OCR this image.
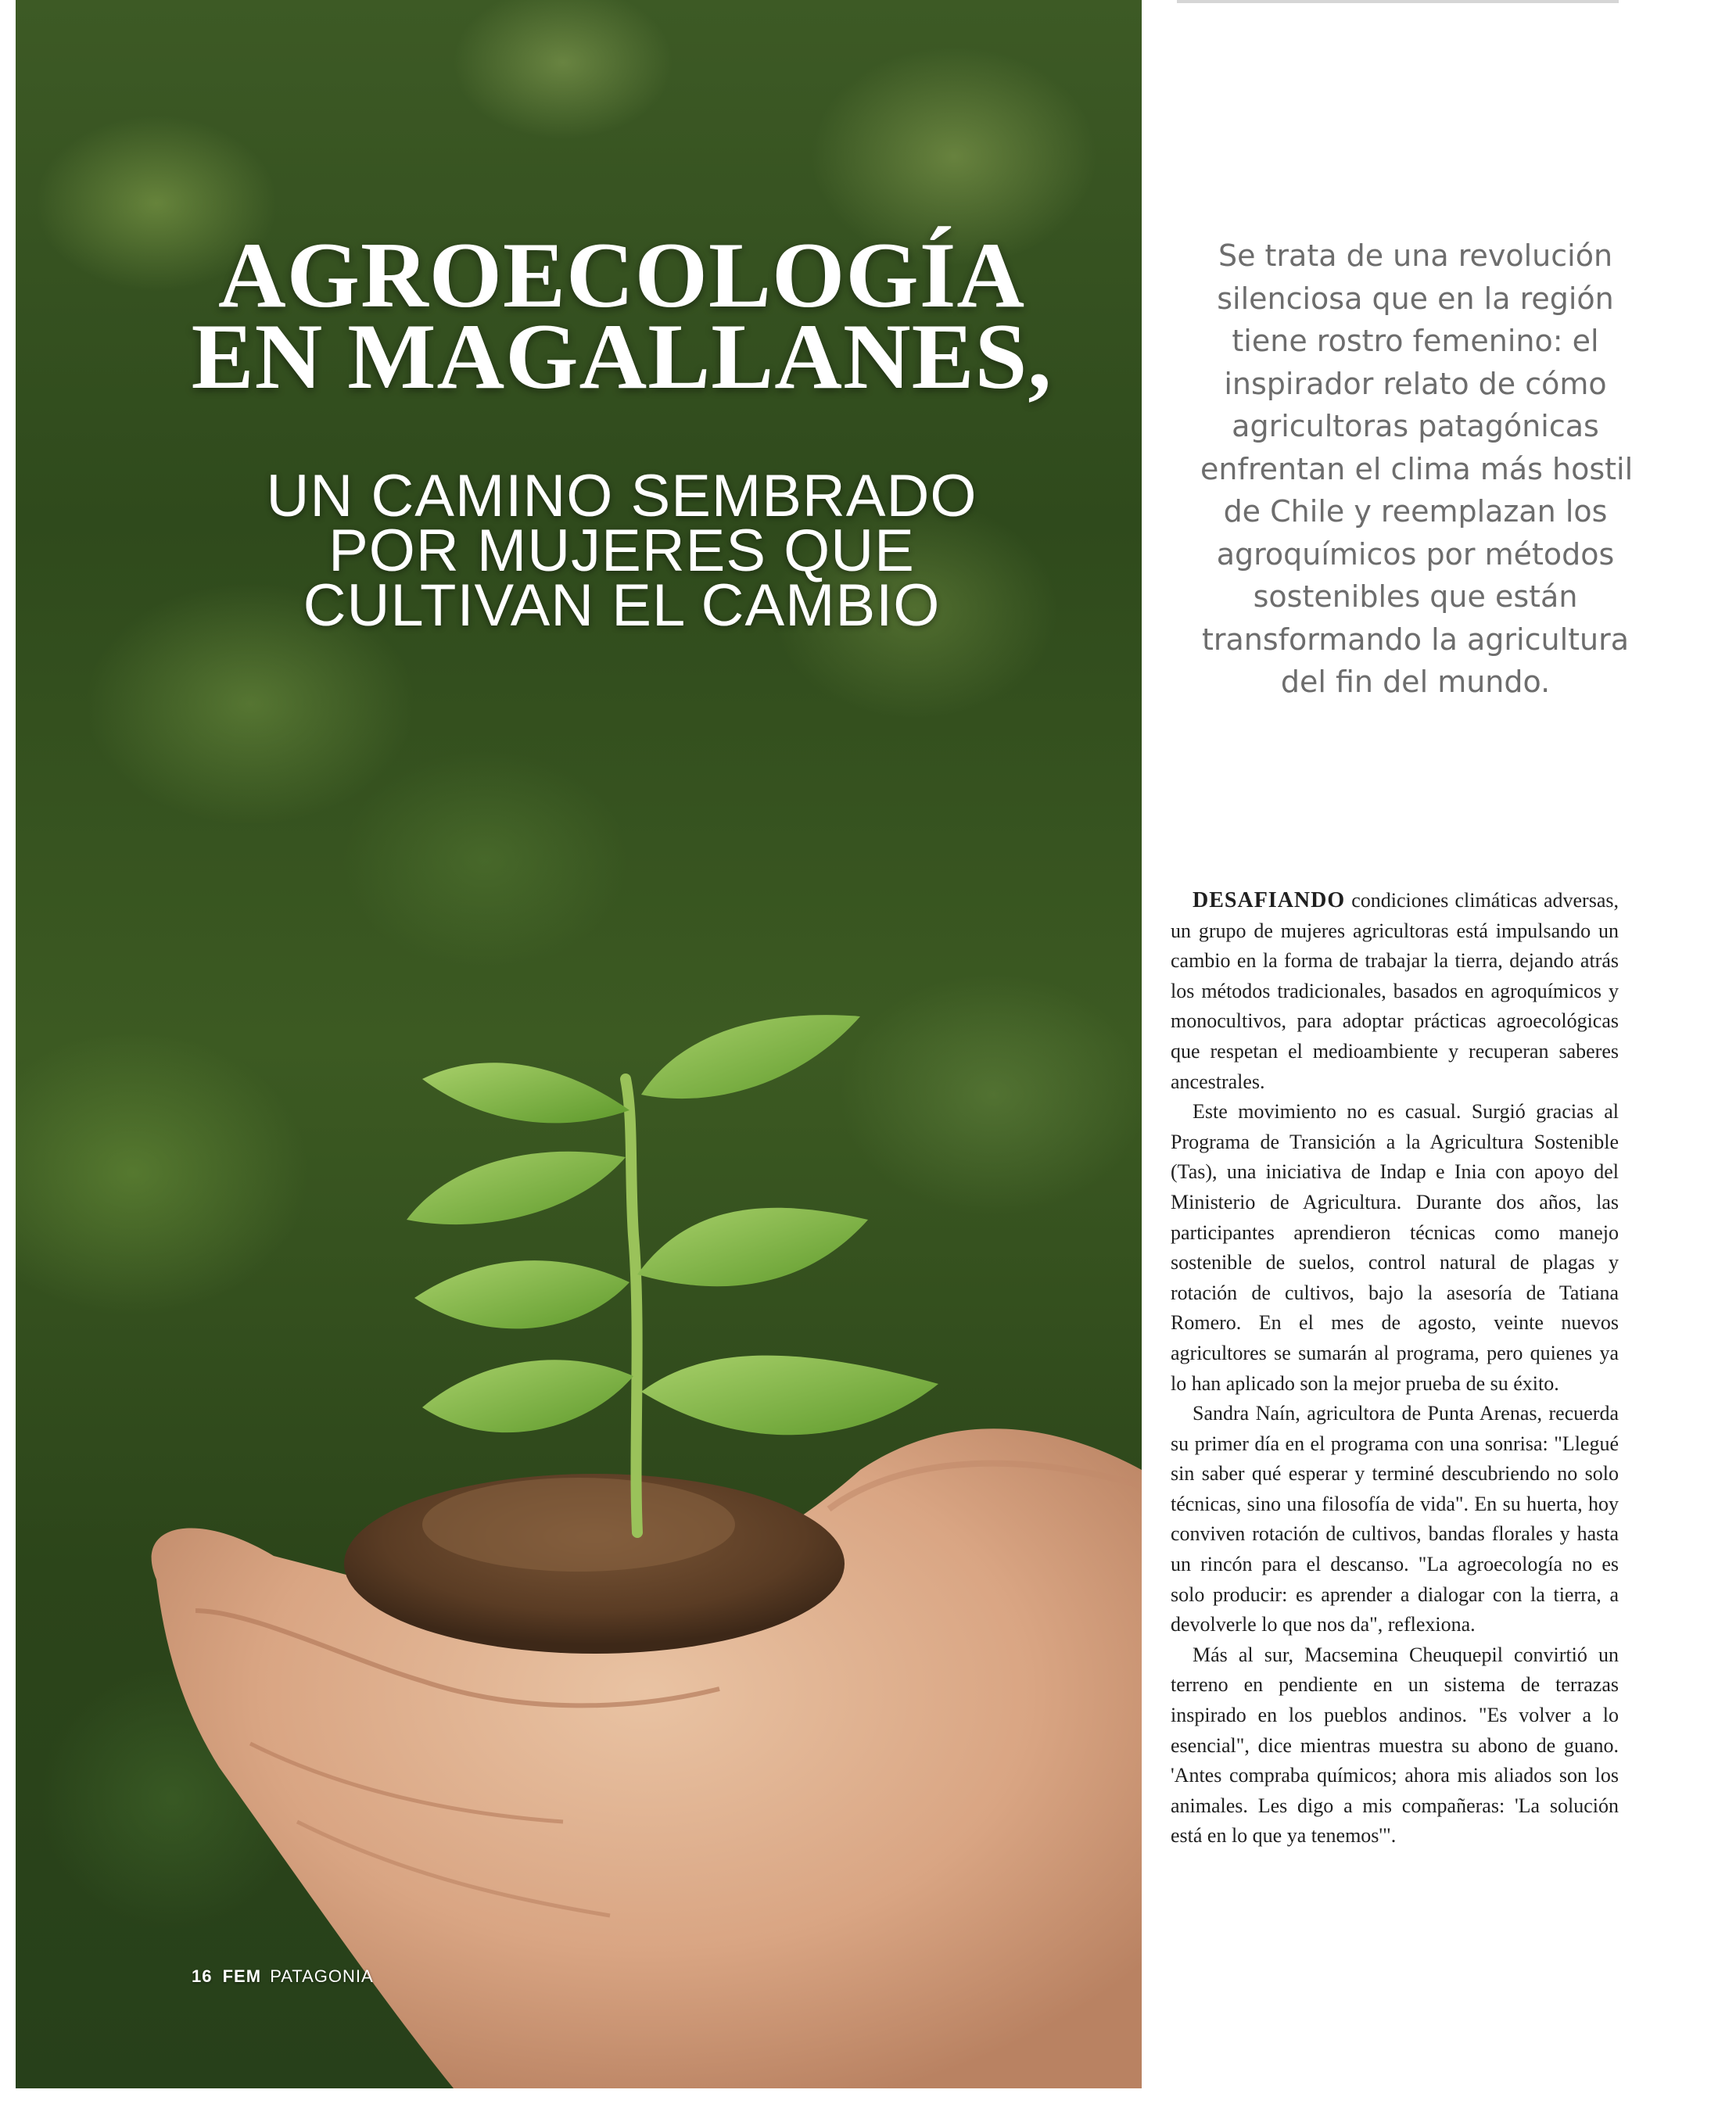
AGROECOLOGÍA
EN MAGALLANES,
UN CAMINO SEMBRADO
POR MUJERES QUE
CULTIVAN EL CAMBIO
16 FEM PATAGONIA
Se trata de una revolución
silenciosa que en la región
tiene rostro femenino: el
inspirador relato de cómo
agricultoras patagónicas
enfrentan el clima más hostil
de Chile y reemplazan los
agroquímicos por métodos
sostenibles que están
transformando la agricultura
del fin del mundo.

DESAFIANDO condiciones climáticas adversas, un grupo de mujeres agricultoras está impulsando un cambio en la forma de trabajar la tierra, dejando atrás los métodos tradicionales, basados en agroquímicos y monocultivos, para adoptar prácticas agroecológicas que respetan el medioambiente y recuperan saberes ancestrales.

Este movimiento no es casual. Surgió gracias al Programa de Transición a la Agricultura Sostenible (Tas), una iniciativa de Indap e Inia con apoyo del Ministerio de Agricultura. Durante dos años, las participantes aprendieron técnicas como manejo sostenible de suelos, control natural de plagas y rotación de cultivos, bajo la asesoría de Tatiana Romero. En el mes de agosto, veinte nuevos agricultores se sumarán al programa, pero quienes ya lo han aplicado son la mejor prueba de su éxito.

Sandra Naín, agricultora de Punta Arenas, recuerda su primer día en el programa con una sonrisa: "Llegué sin saber qué esperar y terminé descubriendo no solo técnicas, sino una filosofía de vida". En su huerta, hoy conviven rotación de cultivos, bandas florales y hasta un rincón para el descanso. "La agroecología no es solo producir: es aprender a dialogar con la tierra, a devolverle lo que nos da", reflexiona.

Más al sur, Macsemina Cheuquepil convirtió un terreno en pendiente en un sistema de terrazas inspirado en los pueblos andinos. "Es volver a lo esencial", dice mientras muestra su abono de guano. 'Antes compraba químicos; ahora mis aliados son los animales. Les digo a mis compañeras: 'La solución está en lo que ya tenemos'".
